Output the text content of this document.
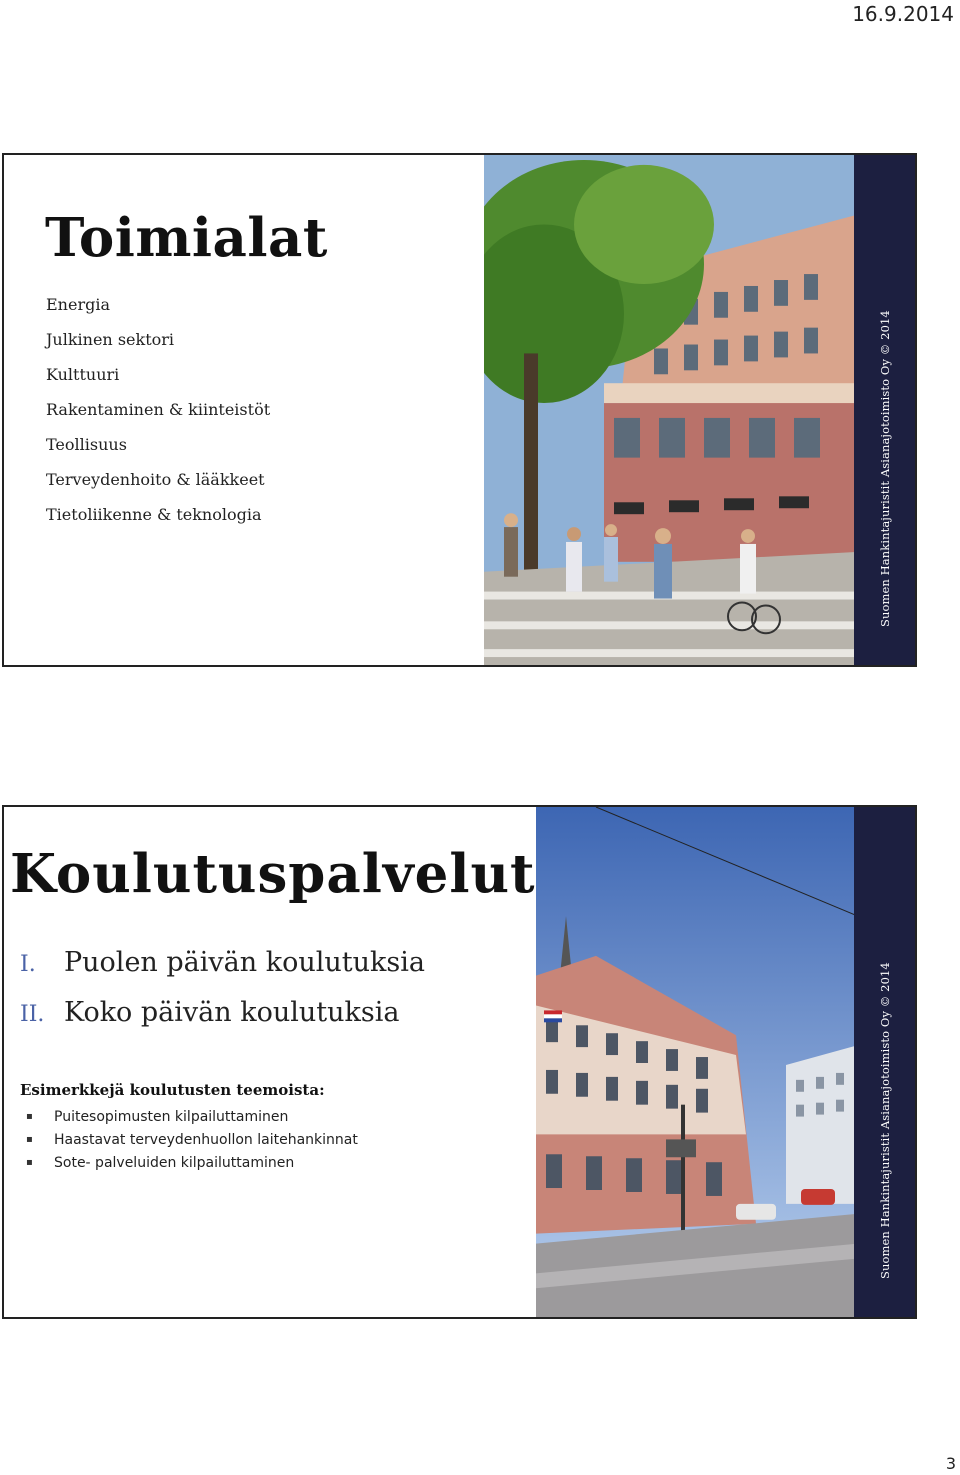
16.9.2014
Toimialat
Energia
Julkinen sektori
Kulttuuri
Rakentaminen & kiinteistöt
Teollisuus
Terveydenhoito & lääkkeet
Tietoliikenne & teknologia	Suomen Hankintajuristit Asianajotoimisto Oy © 2014
Koulutuspalvelut
I.	Puolen päivän koulutuksia
II. Koko päivän koulutuksia

Esimerkkejä koulutusten teemoista:

▪	Puitesopimusten kilpailuttaminen
▪	Haastavat terveydenhuollon laitehankinnat
▪	Sote- palveluiden kilpailuttaminen	Suomen Hankintajuristit Asianajotoimisto Oy © 2014
3
